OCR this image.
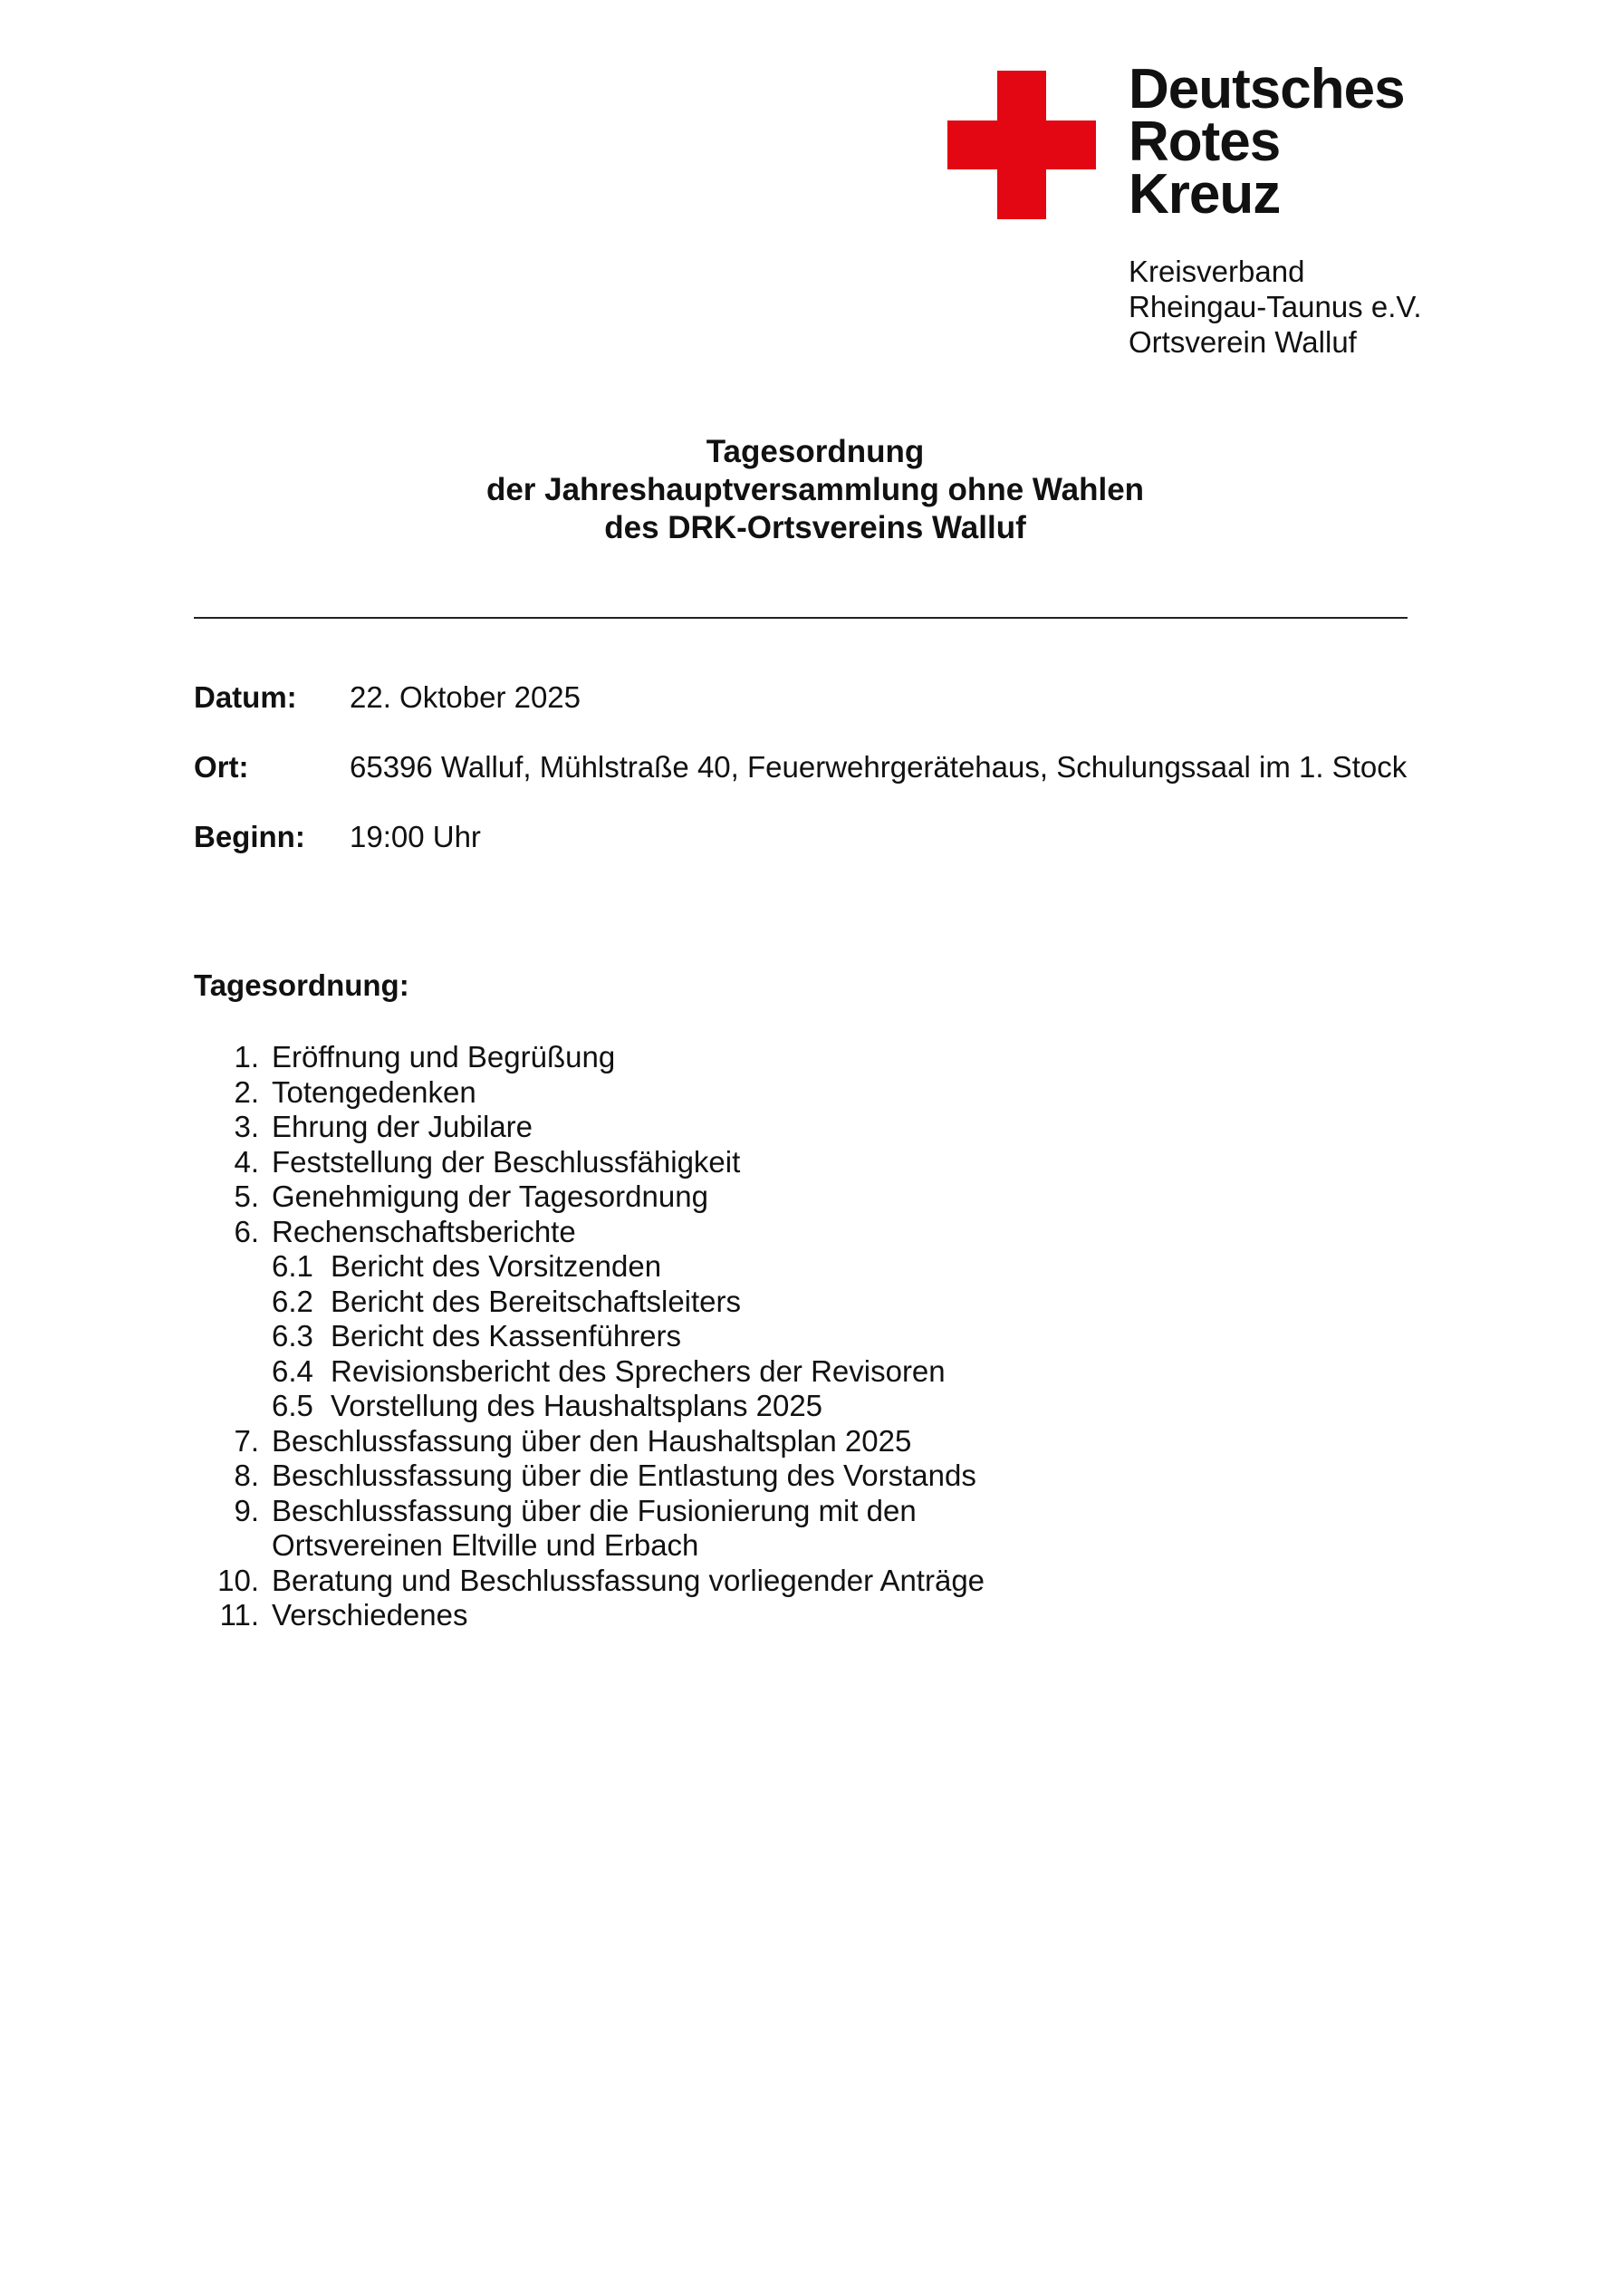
Deutsches
Rotes
Kreuz
Kreisverband
Rheingau-Taunus e.V.
Ortsverein Walluf
Tagesordnung
der Jahreshauptversammlung ohne Wahlen
des DRK-Ortsvereins Walluf
Datum: 22. Oktober 2025
Ort:	65396 Walluf, Mühlstraße 40, Feuerwehrgerätehaus, Schulungssaal im 1. Stock
Beginn: 19:00 Uhr
Tagesordnung:
1. Eröffnung und Begrüßung
2. Totengedenken
3. Ehrung der Jubilare
4. Feststellung der Beschlussfähigkeit
5. Genehmigung der Tagesordnung
6. Rechenschaftsberichte
6.1 Bericht des Vorsitzenden
6.2 Bericht des Bereitschaftsleiters
6.3 Bericht des Kassenführers
6.4 Revisionsbericht des Sprechers der Revisoren
6.5 Vorstellung des Haushaltsplans 2025
7. Beschlussfassung über den Haushaltsplan 2025
8. Beschlussfassung über die Entlastung des Vorstands
9. Beschlussfassung über die Fusionierung mit den
Ortsvereinen Eltville und Erbach
10. Beratung und Beschlussfassung vorliegender Anträge
11. Verschiedenes
